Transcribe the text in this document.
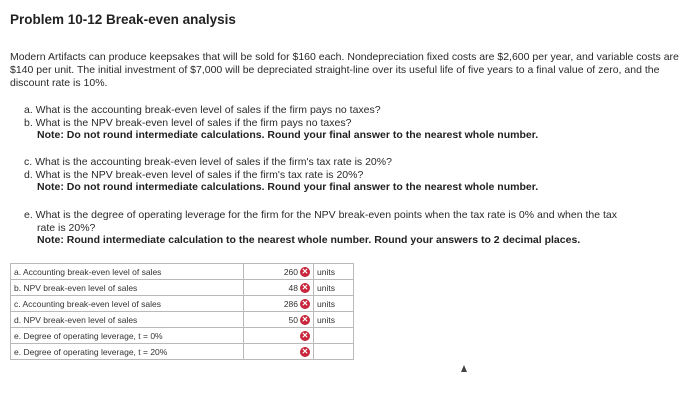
Problem 10-12 Break-even analysis
Modern Artifacts can produce keepsakes that will be sold for $160 each. Nondepreciation fixed costs are $2,600 per year, and variable costs are $140 per unit. The initial investment of $7,000 will be depreciated straight-line over its useful life of five years to a final value of zero, and the discount rate is 10%.
a. What is the accounting break-even level of sales if the firm pays no taxes?
b. What is the NPV break-even level of sales if the firm pays no taxes?
Note: Do not round intermediate calculations. Round your final answer to the nearest whole number.
c. What is the accounting break-even level of sales if the firm's tax rate is 20%?
d. What is the NPV break-even level of sales if the firm's tax rate is 20%?
Note: Do not round intermediate calculations. Round your final answer to the nearest whole number.
e. What is the degree of operating leverage for the firm for the NPV break-even points when the tax rate is 0% and when the tax
rate is 20%?
Note: Round intermediate calculation to the nearest whole number. Round your answers to 2 decimal places.
a. Accounting break-even level of sales	260 ✕	units
b. NPV break-even level of sales	48 ✕	units
c. Accounting break-even level of sales	286 ✕	units
d. NPV break-even level of sales	50 ✕	units
e. Degree of operating leverage, t = 0%	✕	
e. Degree of operating leverage, t = 20%	✕	
